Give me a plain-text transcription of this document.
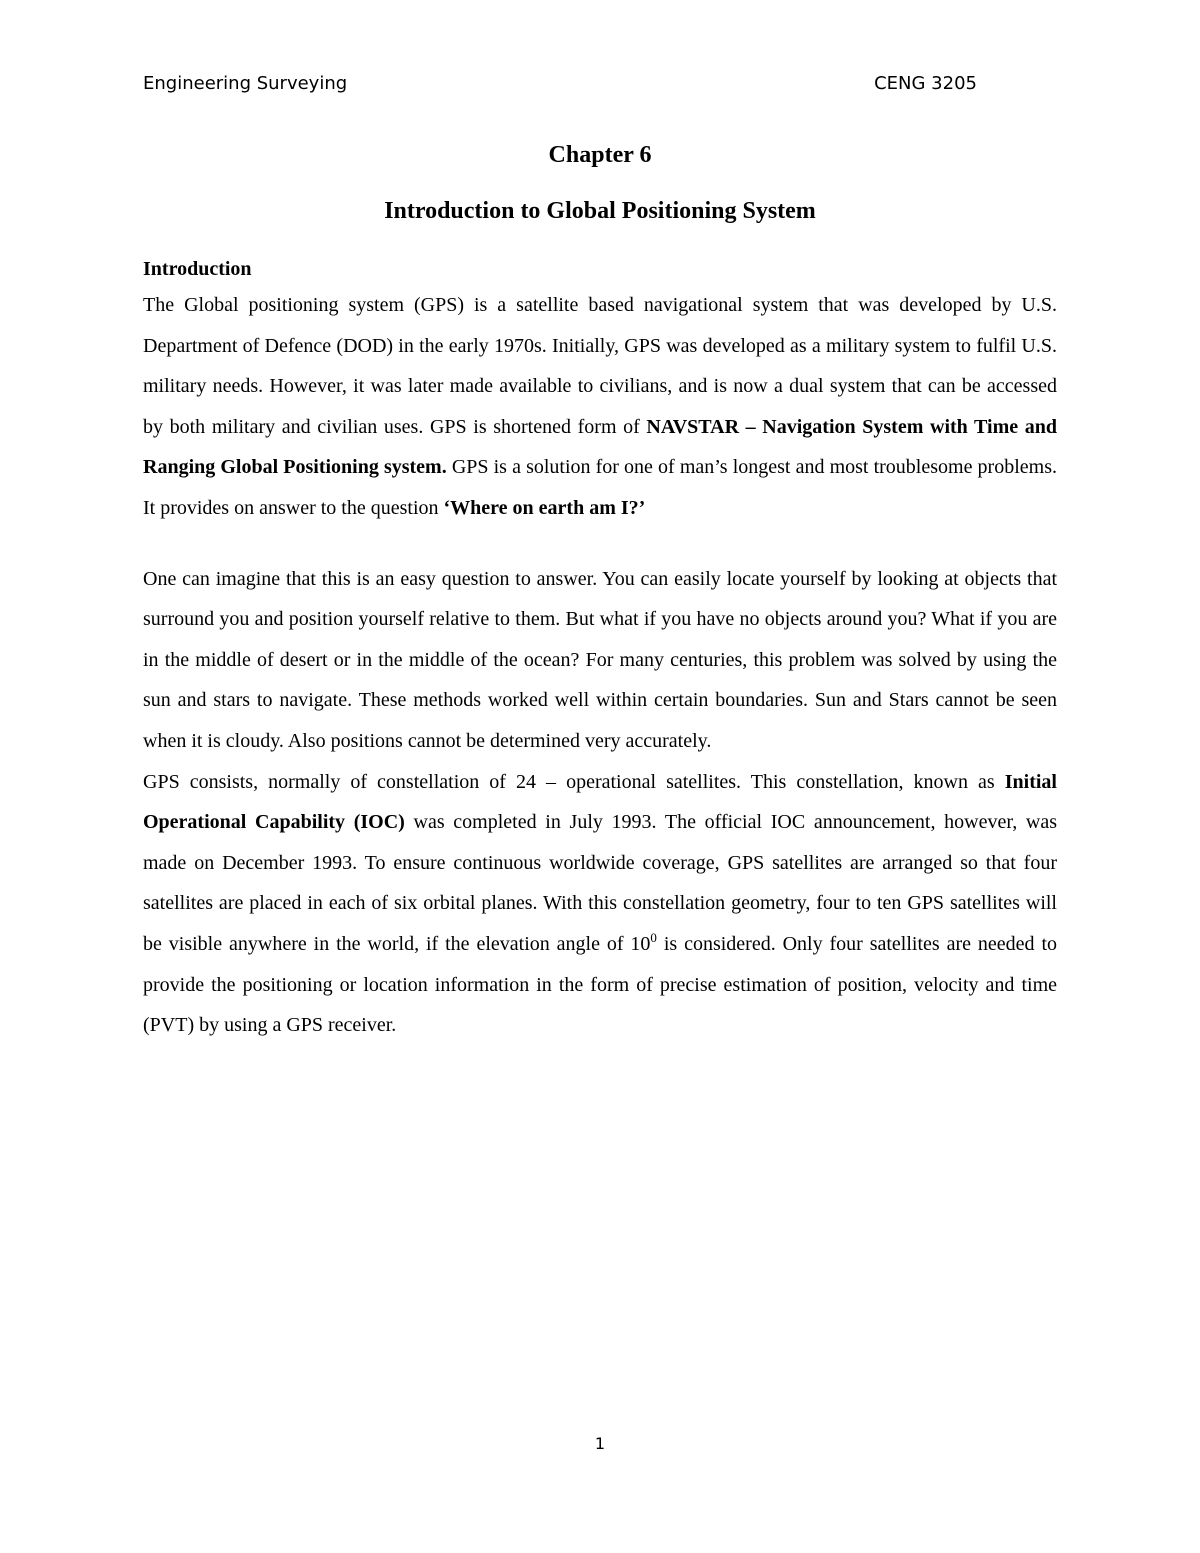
Engineering Surveying	CENG 3205
Chapter 6
Introduction to Global Positioning System
Introduction

The Global positioning system (GPS) is a satellite based navigational system that was developed by U.S. Department of Defence (DOD) in the early 1970s. Initially, GPS was developed as a military system to fulfil U.S. military needs. However, it was later made available to civilians, and is now a dual system that can be accessed by both military and civilian uses. GPS is shortened form of NAVSTAR – Navigation System with Time and Ranging Global Positioning system. GPS is a solution for one of man’s longest and most troublesome problems. It provides on answer to the question ‘Where on earth am I?’

One can imagine that this is an easy question to answer. You can easily locate yourself by looking at objects that surround you and position yourself relative to them. But what if you have no objects around you? What if you are in the middle of desert or in the middle of the ocean? For many centuries, this problem was solved by using the sun and stars to navigate. These methods worked well within certain boundaries. Sun and Stars cannot be seen when it is cloudy. Also positions cannot be determined very accurately.

GPS consists, normally of constellation of 24 – operational satellites. This constellation, known as Initial Operational Capability (IOC) was completed in July 1993. The official IOC announcement, however, was made on December 1993. To ensure continuous worldwide coverage, GPS satellites are arranged so that four satellites are placed in each of six orbital planes. With this constellation geometry, four to ten GPS satellites will be visible anywhere in the world, if the elevation angle of $10^0$ is considered. Only four satellites are needed to provide the positioning or location information in the form of precise estimation of position, velocity and time (PVT) by using a GPS receiver.

1
